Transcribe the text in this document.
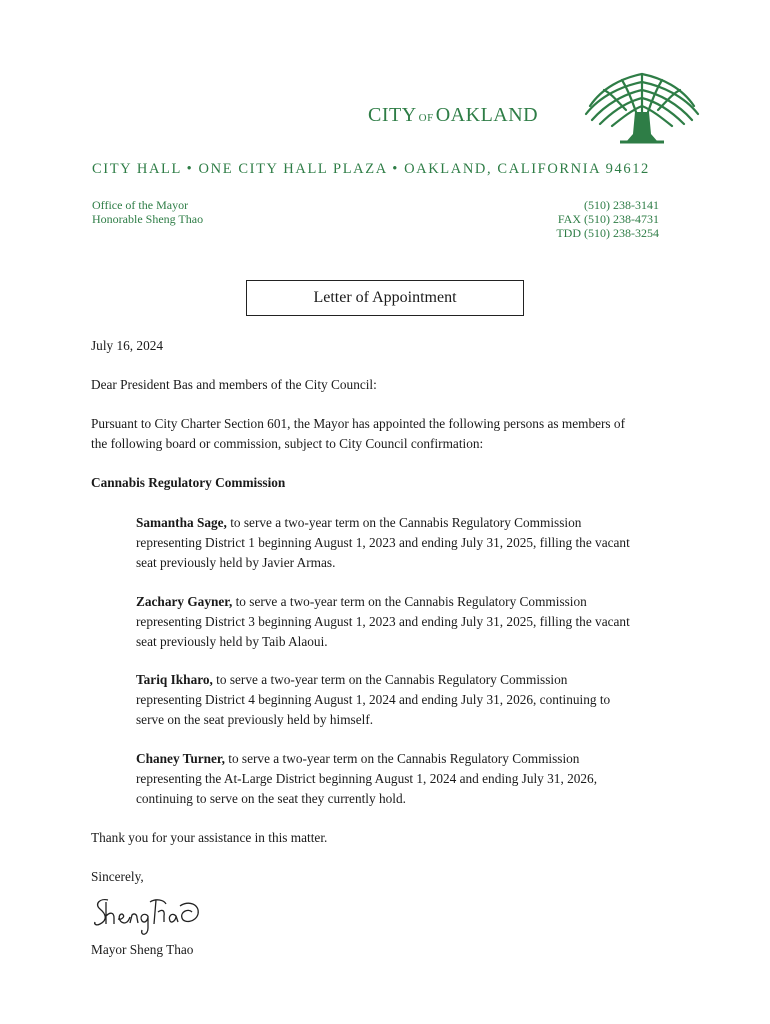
CITY OF OAKLAND
CITY HALL • ONE CITY HALL PLAZA • OAKLAND, CALIFORNIA 94612
Office of the Mayor
Honorable Sheng Thao
(510) 238-3141
FAX (510) 238-4731
TDD (510) 238-3254
Letter of Appointment
July 16, 2024
Dear President Bas and members of the City Council:
Pursuant to City Charter Section 601, the Mayor has appointed the following persons as members of
the following board or commission, subject to City Council confirmation:
Cannabis Regulatory Commission
Samantha Sage, to serve a two-year term on the Cannabis Regulatory Commission
representing District 1 beginning August 1, 2023 and ending July 31, 2025, filling the vacant
seat previously held by Javier Armas.
Zachary Gayner, to serve a two-year term on the Cannabis Regulatory Commission
representing District 3 beginning August 1, 2023 and ending July 31, 2025, filling the vacant
seat previously held by Taib Alaoui.
Tariq Ikharo, to serve a two-year term on the Cannabis Regulatory Commission
representing District 4 beginning August 1, 2024 and ending July 31, 2026, continuing to
serve on the seat previously held by himself.
Chaney Turner, to serve a two-year term on the Cannabis Regulatory Commission
representing the At-Large District beginning August 1, 2024 and ending July 31, 2026,
continuing to serve on the seat they currently hold.
Thank you for your assistance in this matter.
Sincerely,
Mayor Sheng Thao
